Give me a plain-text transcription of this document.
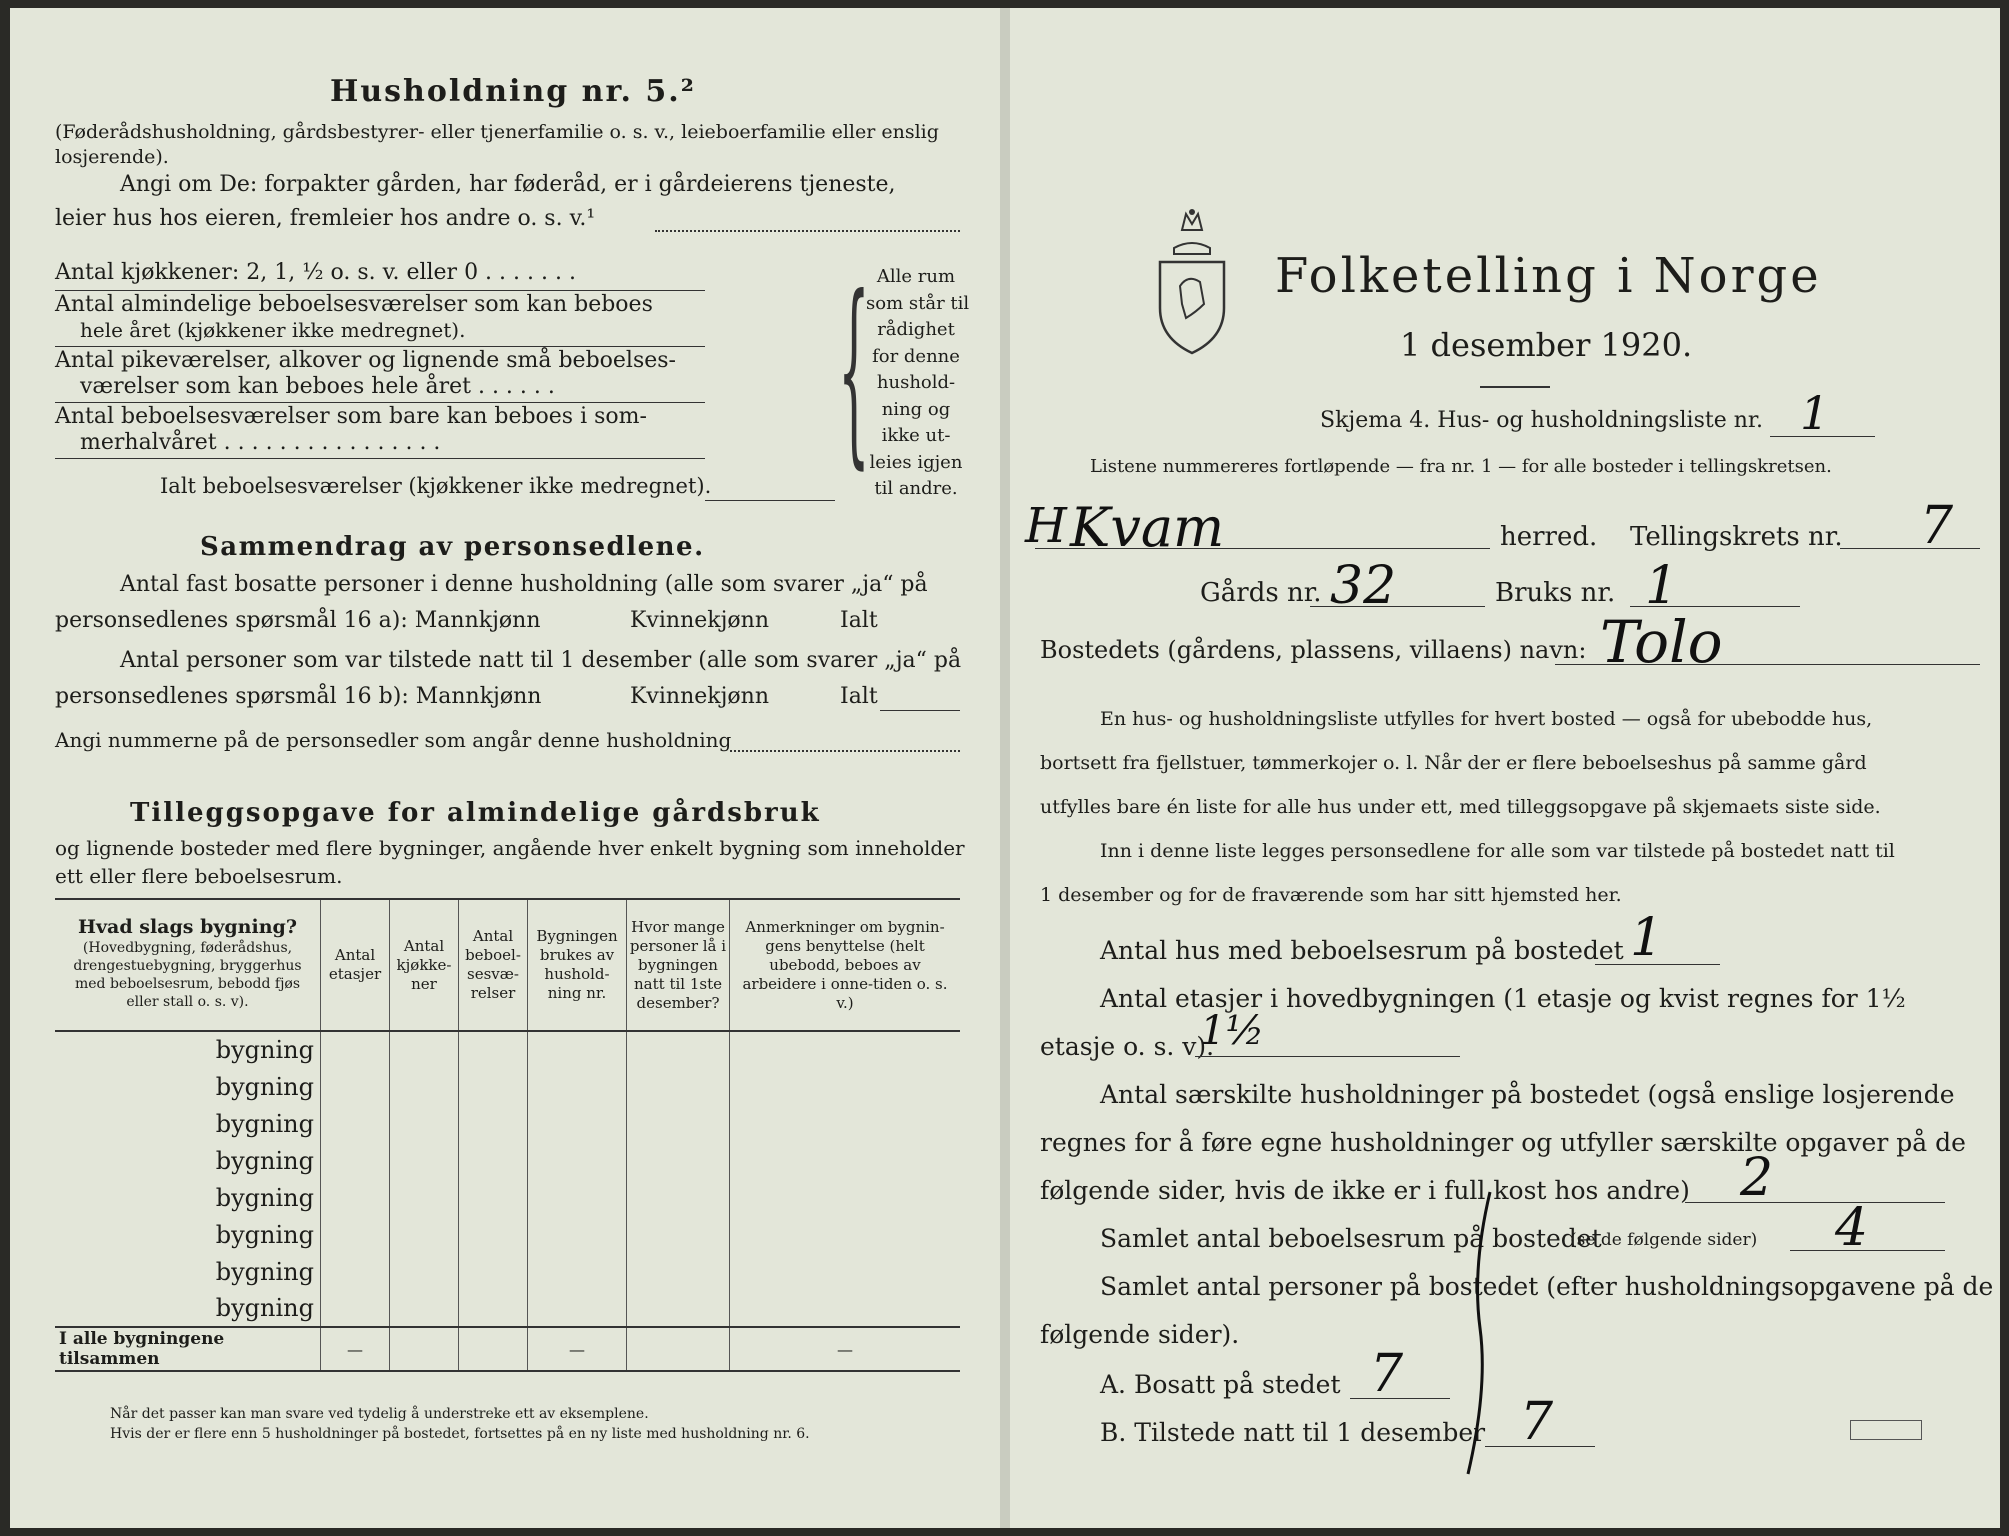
Husholdning nr. 5.²
(Føderådshusholdning, gårdsbestyrer- eller tjenerfamilie o. s. v., leieboerfamilie eller enslig losjerende).
Angi om De: forpakter gården, har føderåd, er i gårdeierens tjeneste,
leier hus hos eieren, fremleier hos andre o. s. v.¹
Antal kjøkkener: 2, 1, ½ o. s. v. eller 0 . . . . . . .
Antal almindelige beboelsesværelser som kan beboes
hele året (kjøkkener ikke medregnet).
Antal pikeværelser, alkover og lignende små beboelses-
værelser som kan beboes hele året . . . . . .
Antal beboelsesværelser som bare kan beboes i som-
merhalvåret . . . . . . . . . . . . . . . .
Ialt beboelsesværelser (kjøkkener ikke medregnet). { Alle rum
som står til
rådighet
for denne
hushold-
ning og
ikke ut-
leies igjen
til andre.
Sammendrag av personsedlene.
Antal fast bosatte personer i denne husholdning (alle som svarer „ja“ på
personsedlenes spørsmål 16 a): Mannkjønn	Kvinnekjønn	Ialt
Antal personer som var tilstede natt til 1 desember (alle som svarer „ja“ på
personsedlenes spørsmål 16 b): Mannkjønn	Kvinnekjønn	Ialt
Angi nummerne på de personsedler som angår denne husholdning
Tilleggsopgave for almindelige gårdsbruk
og lignende bosteder med flere bygninger, angående hver enkelt bygning som inneholder
ett eller flere beboelsesrum.
Hvad slags bygning?
(Hovedbygning, føderådshus, drengestuebygning, bryggerhus med beboelsesrum, bebodd fjøs eller stall o. s. v).	Antal etasjer	Antal kjøkke-ner	Antal beboel-sesvæ-relser	Bygningen brukes av hushold-ning nr.	Hvor mange personer lå i bygningen natt til 1ste desember?	Anmerkninger om bygnin-gens benyttelse (helt ubebodd, beboes av arbeidere i onne-tiden o. s. v.)
bygning						
bygning						
bygning						
bygning						
bygning						
bygning						
bygning						
bygning						
I alle bygningene tilsammen	—			—		—
Når det passer kan man svare ved tydelig å understreke ett av eksemplene.
Hvis der er flere enn 5 husholdninger på bostedet, fortsettes på en ny liste med husholdning nr. 6.
Folketelling i Norge
1 desember 1920.
Skjema 4. Hus- og husholdningsliste nr. 1
Listene nummereres fortløpende — fra nr. 1 — for alle bosteder i tellingskretsen.
H Kvam	herred. Tellingskrets nr. 7
Gårds nr. 32	Bruks nr. 1
Bostedets (gårdens, plassens, villaens) navn: Tolo
En hus- og husholdningsliste utfylles for hvert bosted — også for ubebodde hus,
bortsett fra fjellstuer, tømmerkojer o. l. Når der er flere beboelseshus på samme gård
utfylles bare én liste for alle hus under ett, med tilleggsopgave på skjemaets siste side.
Inn i denne liste legges personsedlene for alle som var tilstede på bostedet natt til
1 desember og for de fraværende som har sitt hjemsted her.
Antal hus med beboelsesrum på bostedet 1
Antal etasjer i hovedbygningen (1 etasje og kvist regnes for 1½
etasje o. s. v).
1½
Antal særskilte husholdninger på bostedet (også enslige losjerende
regnes for å føre egne husholdninger og utfyller særskilte opgaver på de
følgende sider, hvis de ikke er i full kost hos andre) 2
Samlet antal beboelsesrum på bostedet
(se de følgende sider) 4
Samlet antal personer på bostedet (efter husholdningsopgavene på de
følgende sider).
A. Bosatt på stedet 7
B. Tilstede natt til 1 desember 7
